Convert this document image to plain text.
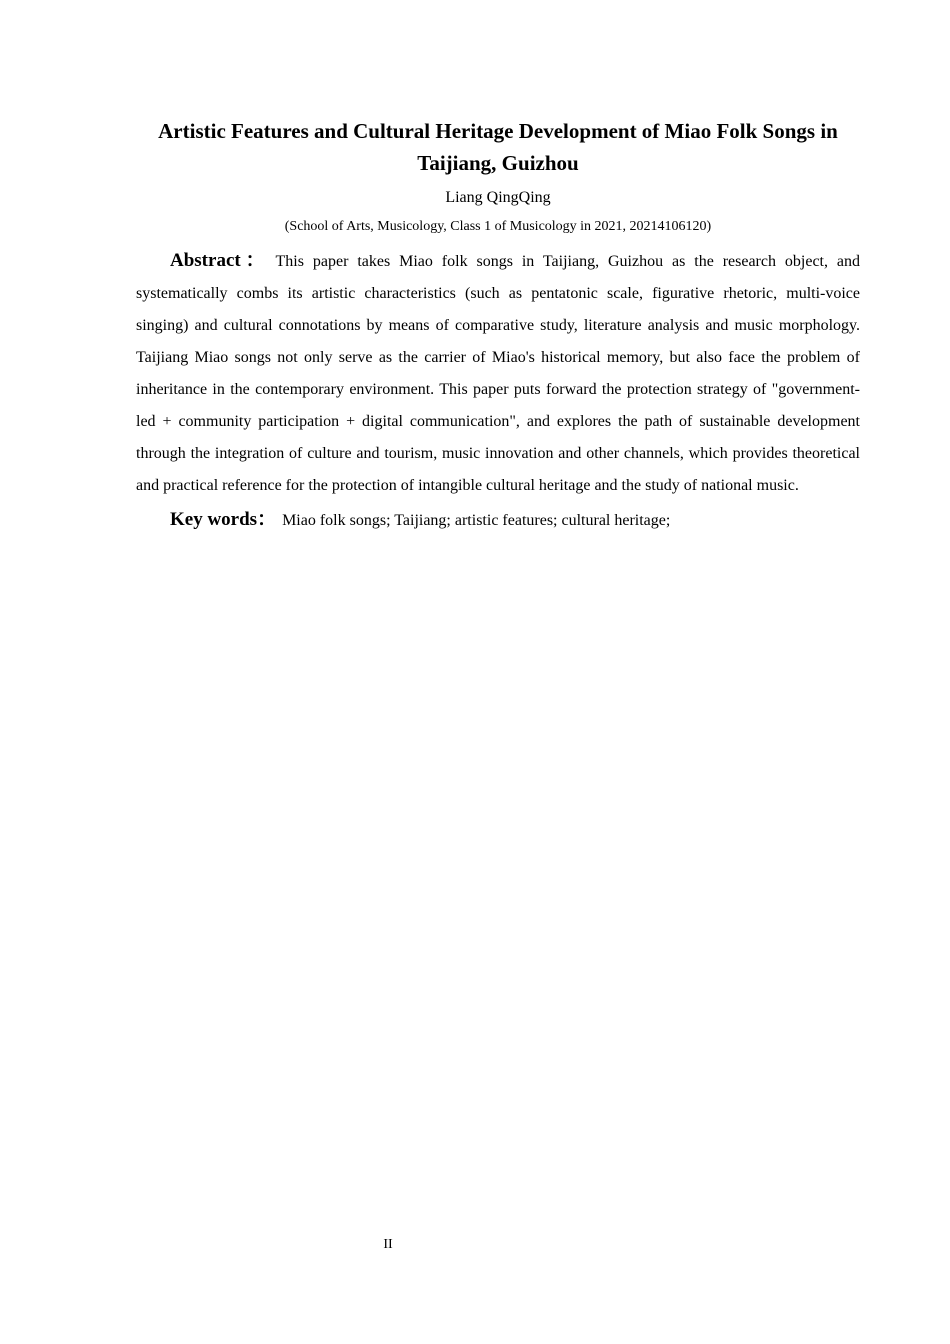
Artistic Features and Cultural Heritage Development of Miao Folk Songs in Taijiang, Guizhou

Liang QingQing

(School of Arts, Musicology, Class 1 of Musicology in 2021, 20214106120)

Abstract： This paper takes Miao folk songs in Taijiang, Guizhou as the research object, and systematically combs its artistic characteristics (such as pentatonic scale, figurative rhetoric, multi-voice singing) and cultural connotations by means of comparative study, literature analysis and music morphology. Taijiang Miao songs not only serve as the carrier of Miao's historical memory, but also face the problem of inheritance in the contemporary environment. This paper puts forward the protection strategy of "government-led + community participation + digital communication", and explores the path of sustainable development through the integration of culture and tourism, music innovation and other channels, which provides theoretical and practical reference for the protection of intangible cultural heritage and the study of national music.

Key words： Miao folk songs; Taijiang; artistic features; cultural heritage;

II
